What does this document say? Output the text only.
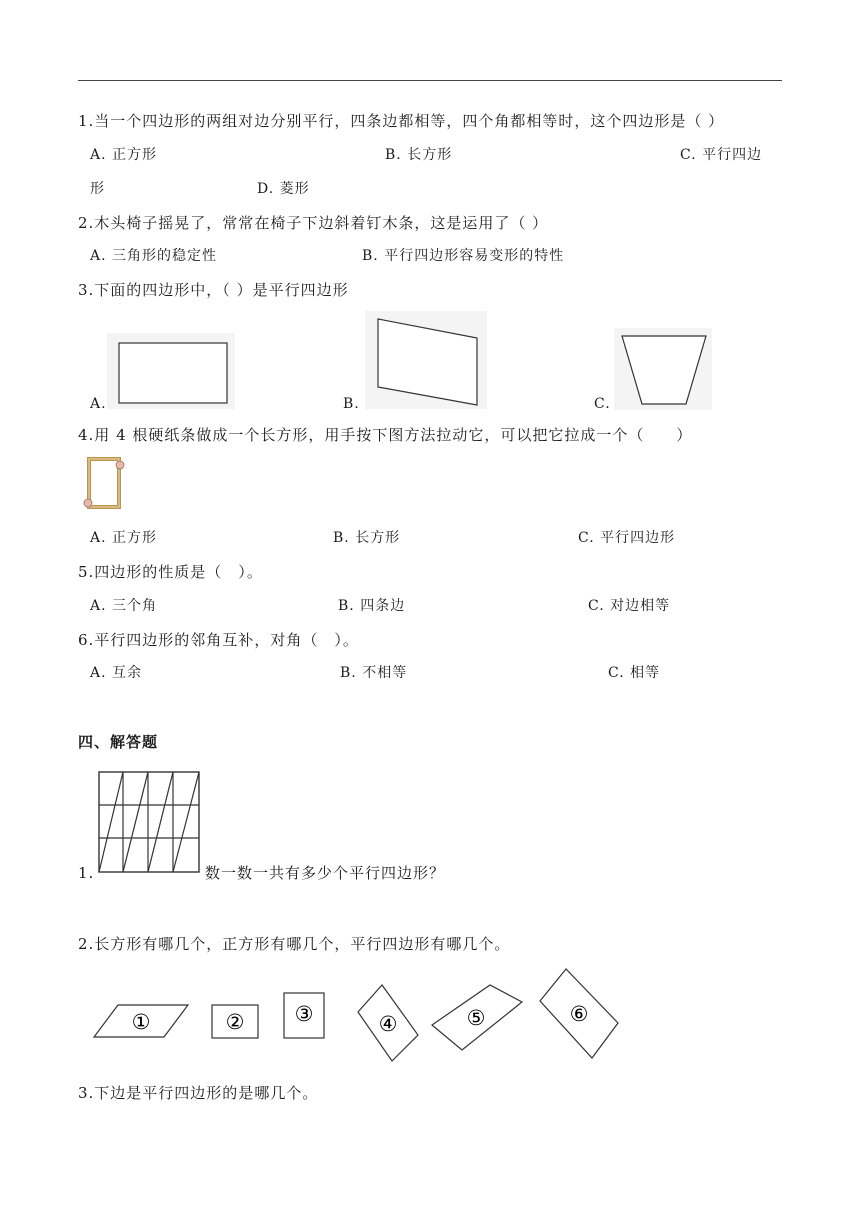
1.当一个四边形的两组对边分别平行，四条边都相等，四个角都相等时，这个四边形是（ ）
A. 正方形	B. 长方形	C. 平行四边
形	D. 菱形
2.木头椅子摇晃了，常常在椅子下边斜着钉木条，这是运用了（ ）
A. 三角形的稳定性	B. 平行四边形容易变形的特性
3.下面的四边形中，（ ）是平行四边形
A.	B.	C.
4.用 4 根硬纸条做成一个长方形，用手按下图方法拉动它，可以把它拉成一个（　　）
A. 正方形	B. 长方形	C. 平行四边形
5.四边形的性质是（　）。
A. 三个角	B. 四条边	C. 对边相等
6.平行四边形的邻角互补，对角（　）。
A. 互余	B. 不相等	C. 相等
四、解答题
1.	数一数一共有多少个平行四边形？
2.长方形有哪几个，正方形有哪几个，平行四边形有哪几个。
①	② ③	④	⑤	⑥
3.下边是平行四边形的是哪几个。
